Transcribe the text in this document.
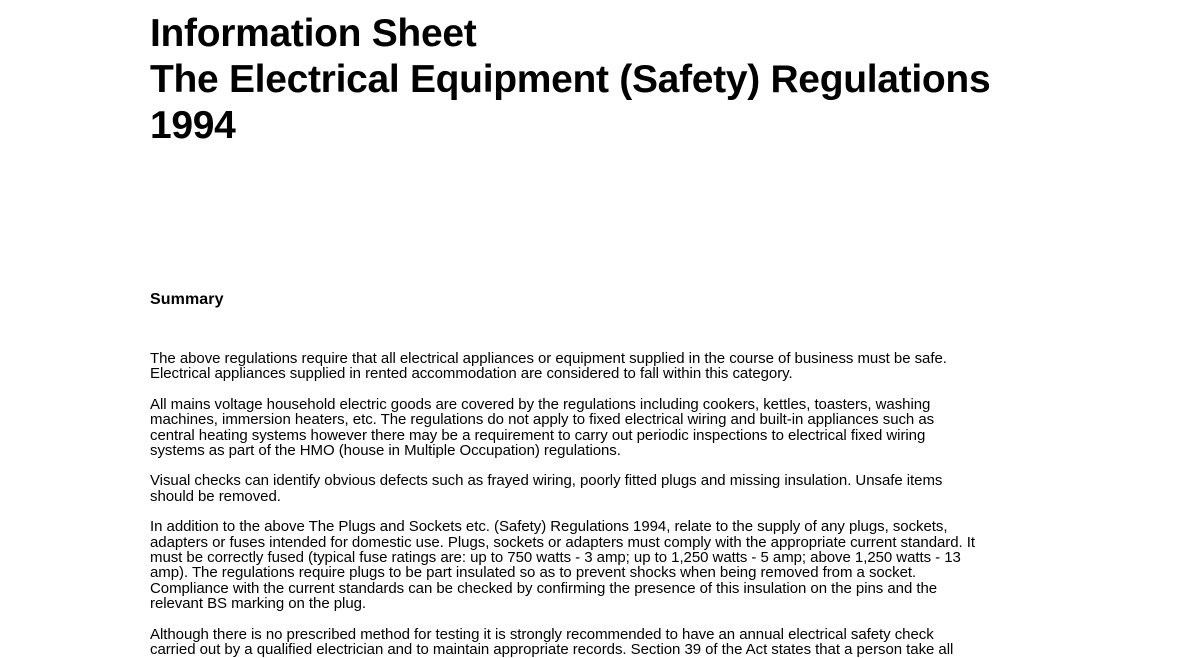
Information Sheet
The Electrical Equipment (Safety) Regulations
1994
Summary

The above regulations require that all electrical appliances or equipment supplied in the course of business must be safe.
Electrical appliances supplied in rented accommodation are considered to fall within this category.

All mains voltage household electric goods are covered by the regulations including cookers, kettles, toasters, washing
machines, immersion heaters, etc. The regulations do not apply to fixed electrical wiring and built-in appliances such as
central heating systems however there may be a requirement to carry out periodic inspections to electrical fixed wiring
systems as part of the HMO (house in Multiple Occupation) regulations.

Visual checks can identify obvious defects such as frayed wiring, poorly fitted plugs and missing insulation. Unsafe items
should be removed.

In addition to the above The Plugs and Sockets etc. (Safety) Regulations 1994, relate to the supply of any plugs, sockets,
adapters or fuses intended for domestic use. Plugs, sockets or adapters must comply with the appropriate current standard. It
must be correctly fused (typical fuse ratings are: up to 750 watts - 3 amp; up to 1,250 watts - 5 amp; above 1,250 watts - 13
amp). The regulations require plugs to be part insulated so as to prevent shocks when being removed from a socket.
Compliance with the current standards can be checked by confirming the presence of this insulation on the pins and the
relevant BS marking on the plug.

Although there is no prescribed method for testing it is strongly recommended to have an annual electrical safety check
carried out by a qualified electrician and to maintain appropriate records. Section 39 of the Act states that a person take all
